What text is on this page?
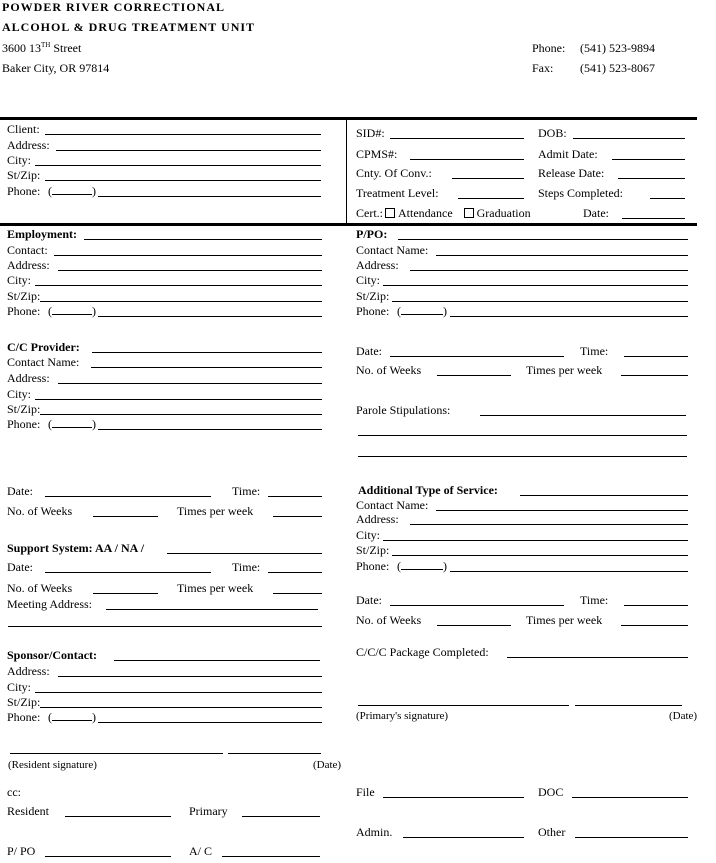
POWDER RIVER CORRECTIONAL
ALCOHOL & DRUG TREATMENT UNIT
3600 13TH Street
Baker City, OR 97814
Phone: (541) 523-9894
Fax: (541) 523-8067
Client:
Address:
City:
St/Zip:
Phone: (	)
SID#:	DOB:
CPMS#:	Admit Date:
Cnty. Of Conv.:	Release Date:
Treatment Level:	Steps Completed:
Cert.: Attendance Graduation	Date:
Employment:
Contact:
Address:
City:
St/Zip:
Phone: (	)
P/PO:
Contact Name:
Address:
City:
St/Zip:
Phone: (	)
C/C Provider:
Contact Name:
Address:
City:
St/Zip:
Phone: (	)
Date:	Time:
No. of Weeks	Times per week
Date:	Time:
No. of Weeks	Times per week
Parole Stipulations:
Support System: AA / NA /
Date:	Time:
No. of Weeks	Times per week
Meeting Address:
Additional Type of Service:
Contact Name:
Address:
City:
St/Zip:
Phone: (	)
Date:	Time:
No. of Weeks	Times per week
Sponsor/Contact:
Address:
City:
St/Zip:
Phone: (	)
C/C/C Package Completed:
(Primary's signature)	(Date)
(Resident signature)	(Date)
cc:
Resident	Primary
P/ PO	A/ C
File	DOC
Admin.	Other
